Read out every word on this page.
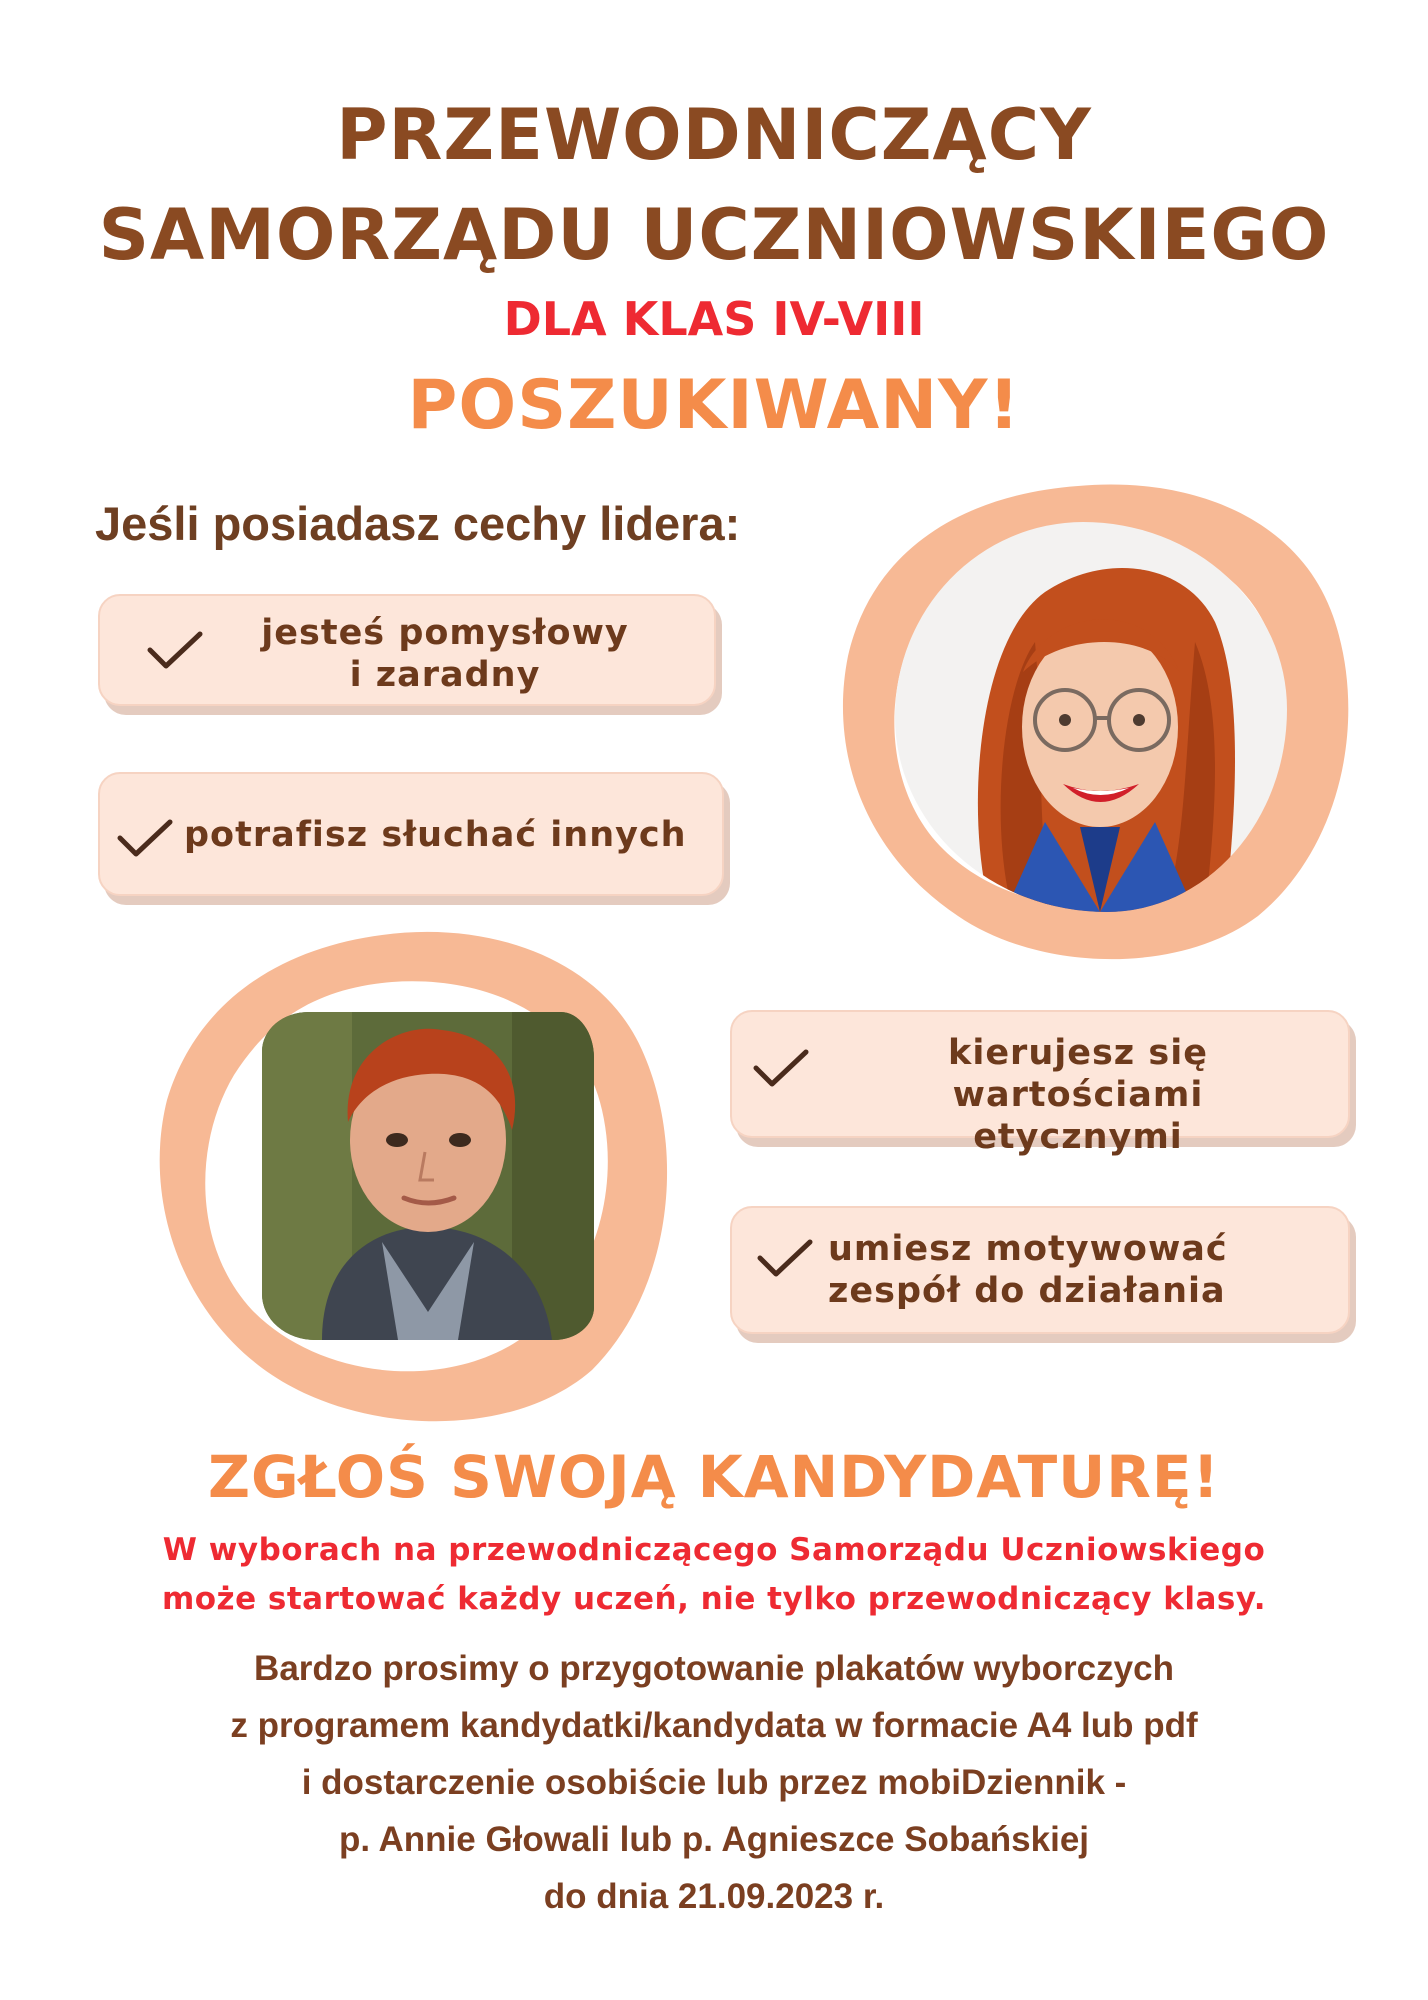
PRZEWODNICZĄCY
SAMORZĄDU UCZNIOWSKIEGO
DLA KLAS IV-VIII
POSZUKIWANY!
Jeśli posiadasz cechy lidera:
jesteś pomysłowy
i zaradny
potrafisz słuchać innych
kierujesz się wartościami
etycznymi
umiesz motywować
zespół do działania
ZGŁOŚ SWOJĄ KANDYDATURĘ!
W wyborach na przewodniczącego Samorządu Uczniowskiego
może startować każdy uczeń, nie tylko przewodniczący klasy.
Bardzo prosimy o przygotowanie plakatów wyborczych
z programem kandydatki/kandydata w formacie A4 lub pdf
i dostarczenie osobiście lub przez mobiDziennik -
p. Annie Głowali lub p. Agnieszce Sobańskiej
do dnia 21.09.2023 r.
